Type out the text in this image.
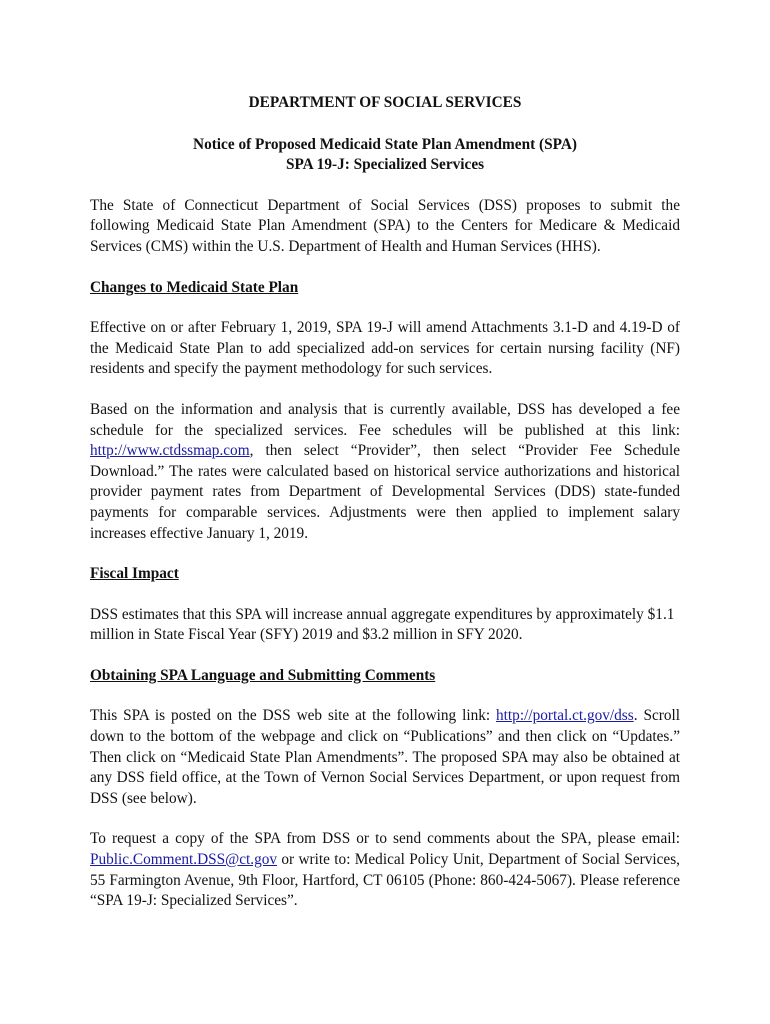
DEPARTMENT OF SOCIAL SERVICES
Notice of Proposed Medicaid State Plan Amendment (SPA)
SPA 19-J: Specialized Services

The State of Connecticut Department of Social Services (DSS) proposes to submit the following Medicaid State Plan Amendment (SPA) to the Centers for Medicare & Medicaid Services (CMS) within the U.S. Department of Health and Human Services (HHS).

Changes to Medicaid State Plan

Effective on or after February 1, 2019, SPA 19-J will amend Attachments 3.1-D and 4.19-D of the Medicaid State Plan to add specialized add-on services for certain nursing facility (NF) residents and specify the payment methodology for such services.

Based on the information and analysis that is currently available, DSS has developed a fee schedule for the specialized services. Fee schedules will be published at this link: http://www.ctdssmap.com, then select “Provider”, then select “Provider Fee Schedule Download.” The rates were calculated based on historical service authorizations and historical provider payment rates from Department of Developmental Services (DDS) state-funded payments for comparable services. Adjustments were then applied to implement salary increases effective January 1, 2019.

Fiscal Impact

DSS estimates that this SPA will increase annual aggregate expenditures by approximately $1.1 million in State Fiscal Year (SFY) 2019 and $3.2 million in SFY 2020.

Obtaining SPA Language and Submitting Comments

This SPA is posted on the DSS web site at the following link: http://portal.ct.gov/dss. Scroll down to the bottom of the webpage and click on “Publications” and then click on “Updates.” Then click on “Medicaid State Plan Amendments”. The proposed SPA may also be obtained at any DSS field office, at the Town of Vernon Social Services Department, or upon request from DSS (see below).

To request a copy of the SPA from DSS or to send comments about the SPA, please email: Public.Comment.DSS@ct.gov or write to: Medical Policy Unit, Department of Social Services, 55 Farmington Avenue, 9th Floor, Hartford, CT 06105 (Phone: 860-424-5067). Please reference “SPA 19-J: Specialized Services”.
